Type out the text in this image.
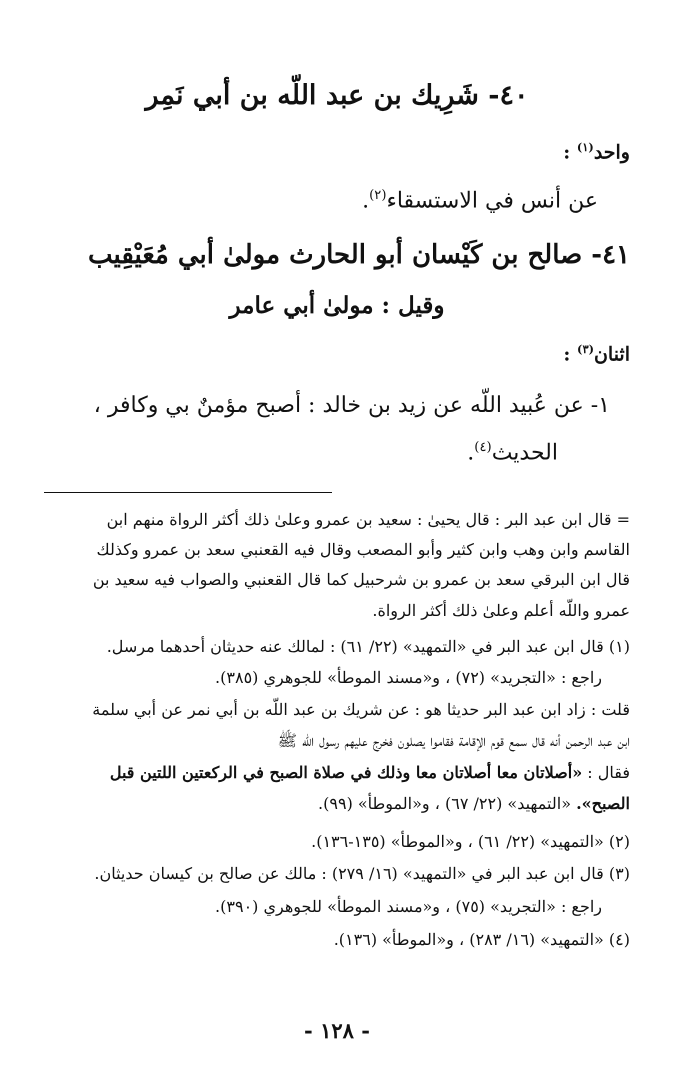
٤٠- شَرِيك بن عبد اللّه بن أبي نَمِر
واحد$^{(١)}$ :
عن أنس في الاستسقاء$^{(٢)}$.
٤١- صالح بن كَيْسان أبو الحارث مولىٰ أبي مُعَيْقِيب
وقيل : مولىٰ أبي عامر
اثنان$^{(٣)}$ :
١- عن عُبيد اللّه عن زيد بن خالد : أصبح مؤمنٌ بي وكافر ،
الحديث$^{(٤)}$.
= قال ابن عبد البر : قال يحيىٰ : سعيد بن عمرو وعلىٰ ذلك أكثر الرواة منهم ابن
القاسم وابن وهب وابن كثير وأبو المصعب وقال فيه القعنبي سعد بن عمرو وكذلك
قال ابن البرقي سعد بن عمرو بن شرحبيل كما قال القعنبي والصواب فيه سعيد بن
عمرو واللّه أعلم وعلىٰ ذلك أكثر الرواة.
(١) قال ابن عبد البر في «التمهيد» (٢٢/ ٦١) : لمالك عنه حديثان أحدهما مرسل.
راجع : «التجريد» (٧٢) ، و«مسند الموطأ» للجوهري (٣٨٥).
قلت : زاد ابن عبد البر حديثا هو : عن شريك بن عبد اللّه بن أبي نمر عن أبي سلمة
ابن عبد الرحمن أنه قال سمع قوم الإقامة فقاموا يصلون فخرج عليهم رسول اللّه ﷺ
فقال : «أصلاتان معا أصلاتان معا وذلك في صلاة الصبح في الركعتين اللتين قبل
الصبح». «التمهيد» (٢٢/ ٦٧) ، و«الموطأ» (٩٩).
(٢) «التمهيد» (٢٢/ ٦١) ، و«الموطأ» (١٣٥-١٣٦).
(٣) قال ابن عبد البر في «التمهيد» (١٦/ ٢٧٩) : مالك عن صالح بن كيسان حديثان.
راجع : «التجريد» (٧٥) ، و«مسند الموطأ» للجوهري (٣٩٠).
(٤) «التمهيد» (١٦/ ٢٨٣) ، و«الموطأ» (١٣٦).
- ١٢٨ -
